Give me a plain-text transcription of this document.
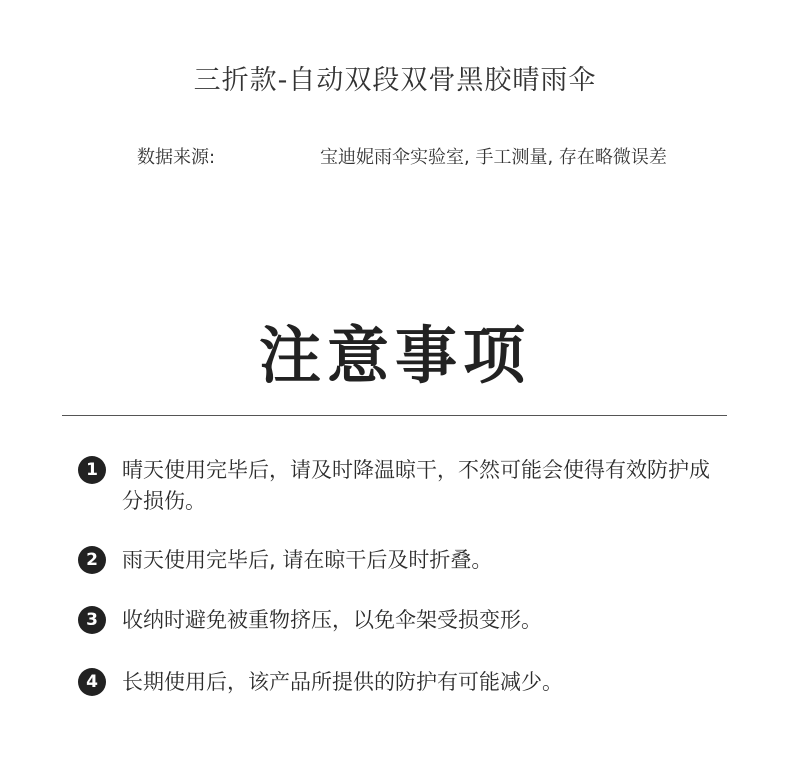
三折款-自动双段双骨黑胶晴雨伞
数据来源:	宝迪妮雨伞实验室, 手工测量, 存在略微误差
注意事项
1	晴天使用完毕后，请及时降温晾干，不然可能会使得有效防护成分损伤。
2	雨天使用完毕后, 请在晾干后及时折叠。
3	收纳时避免被重物挤压，以免伞架受损变形。
4	长期使用后，该产品所提供的防护有可能减少。
